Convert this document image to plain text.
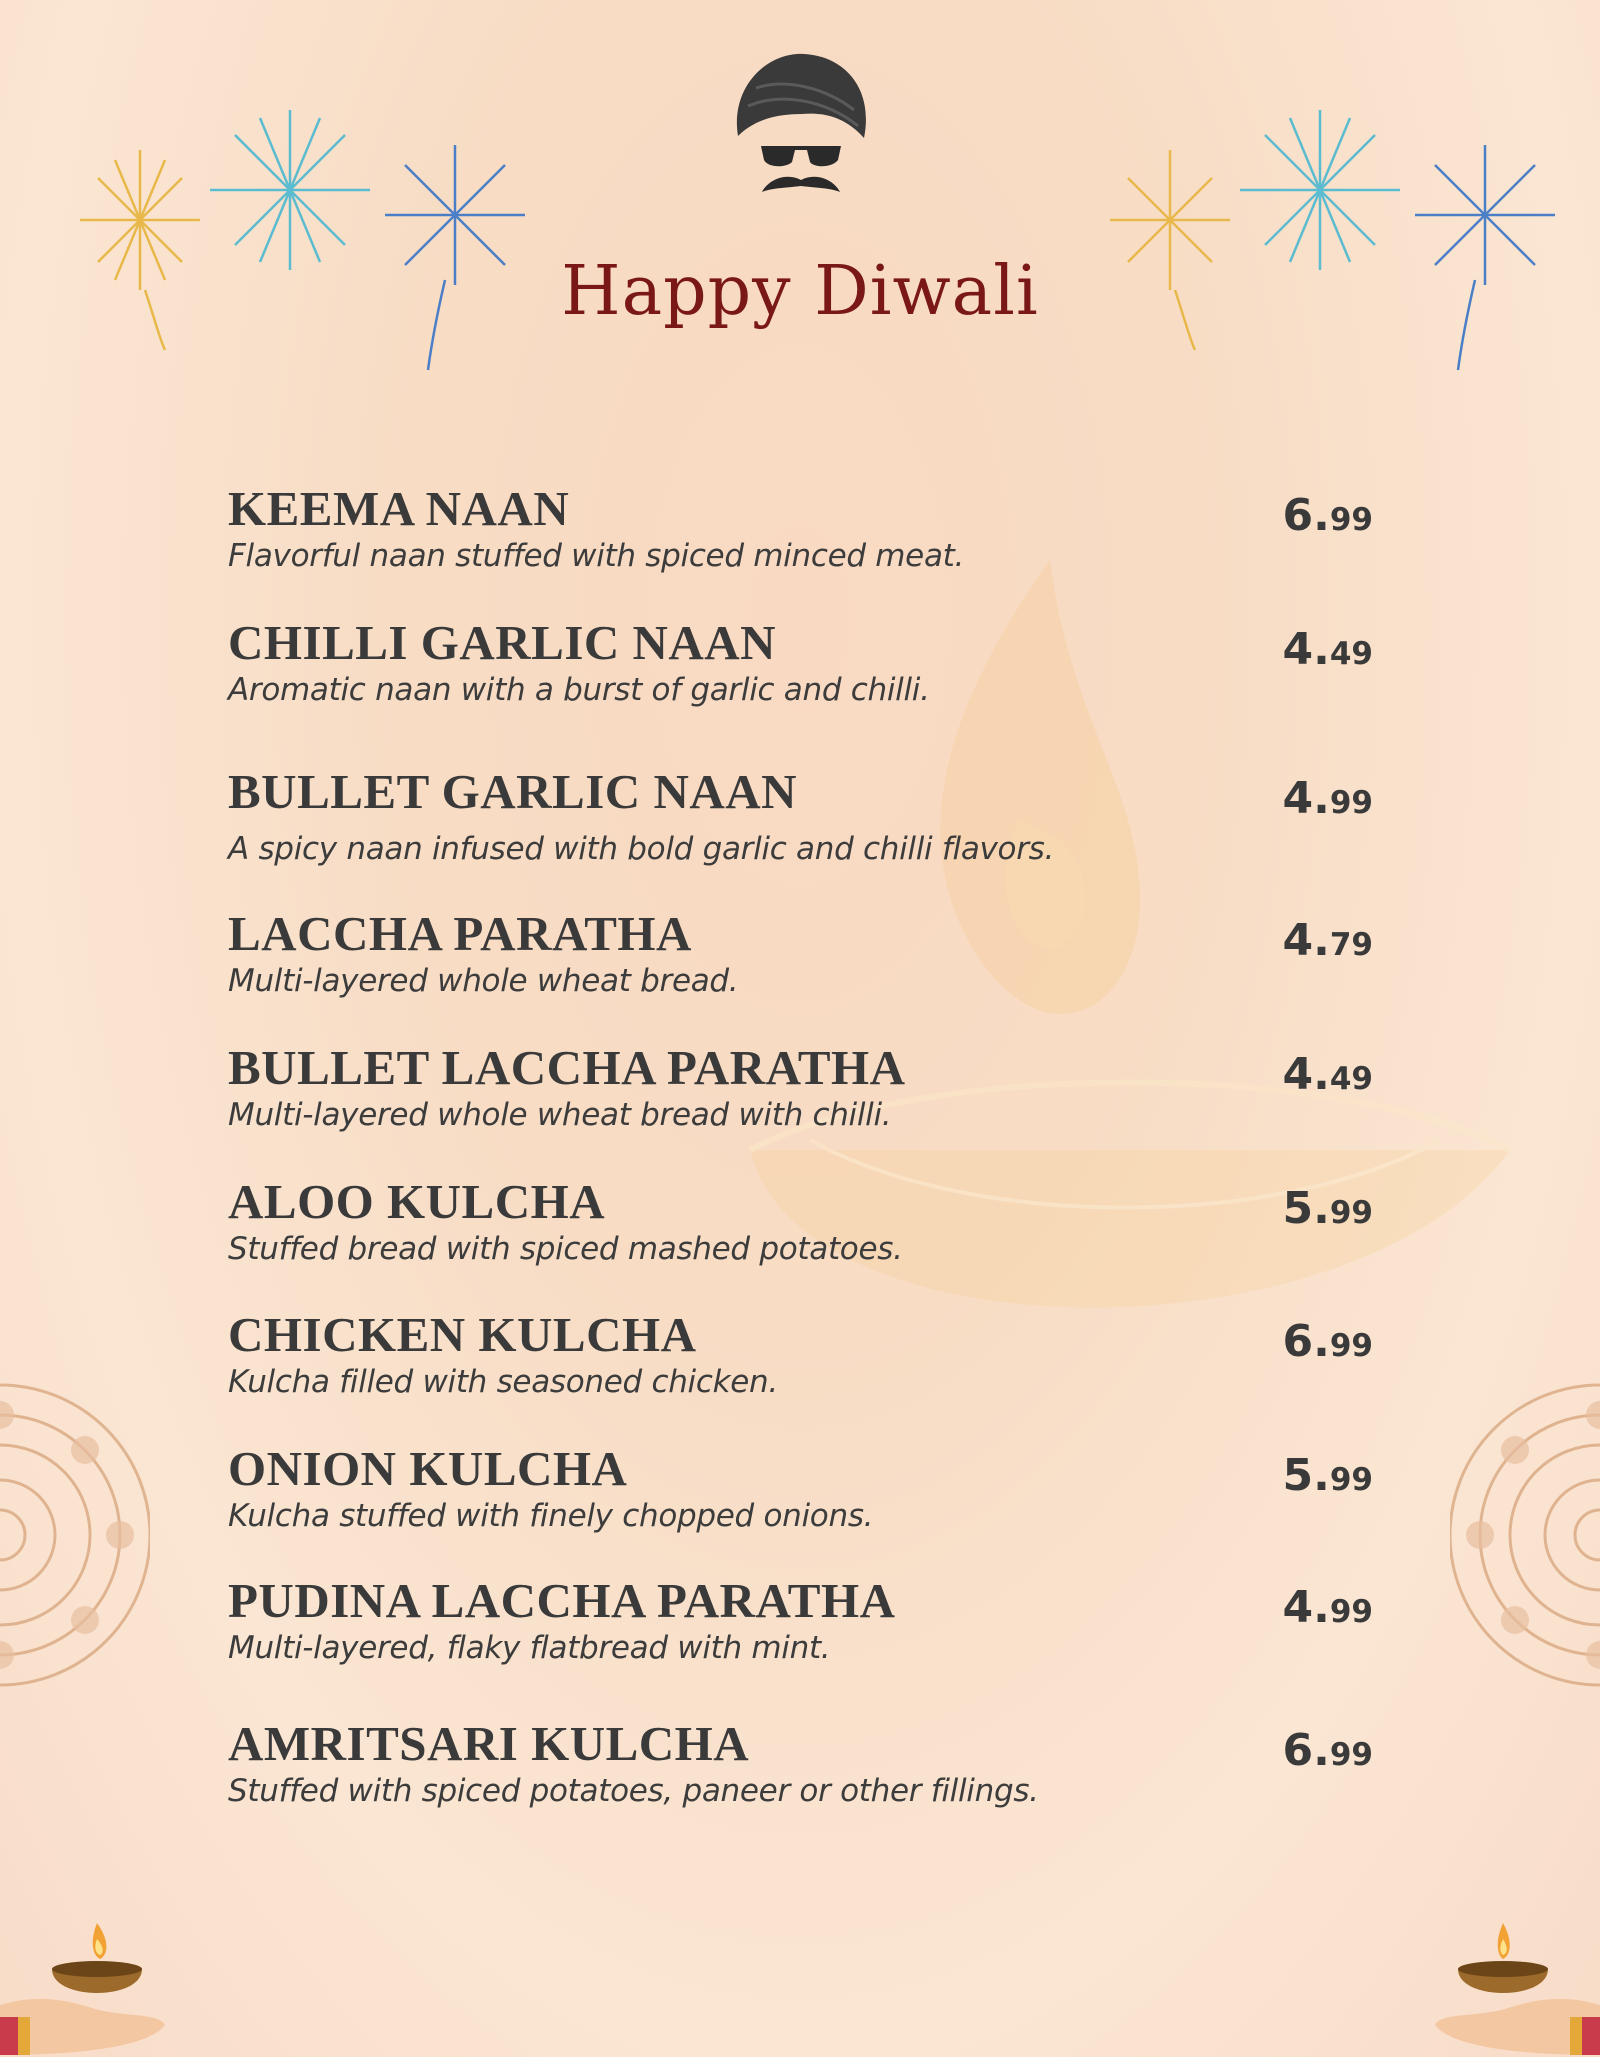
Happy Diwali
KEEMA NAAN
Flavorful naan stuffed with spiced minced meat.
6.99
CHILLI GARLIC NAAN
Aromatic naan with a burst of garlic and chilli.
4.49
BULLET GARLIC NAAN
A spicy naan infused with bold garlic and chilli flavors.
4.99
LACCHA PARATHA
Multi-layered whole wheat bread.
4.79
BULLET LACCHA PARATHA
Multi-layered whole wheat bread with chilli.
4.49
ALOO KULCHA
Stuffed bread with spiced mashed potatoes.
5.99
CHICKEN KULCHA
Kulcha filled with seasoned chicken.
6.99
ONION KULCHA
Kulcha stuffed with finely chopped onions.
5.99
PUDINA LACCHA PARATHA
Multi-layered, flaky flatbread with mint.
4.99
AMRITSARI KULCHA
Stuffed with spiced potatoes, paneer or other fillings.
6.99
